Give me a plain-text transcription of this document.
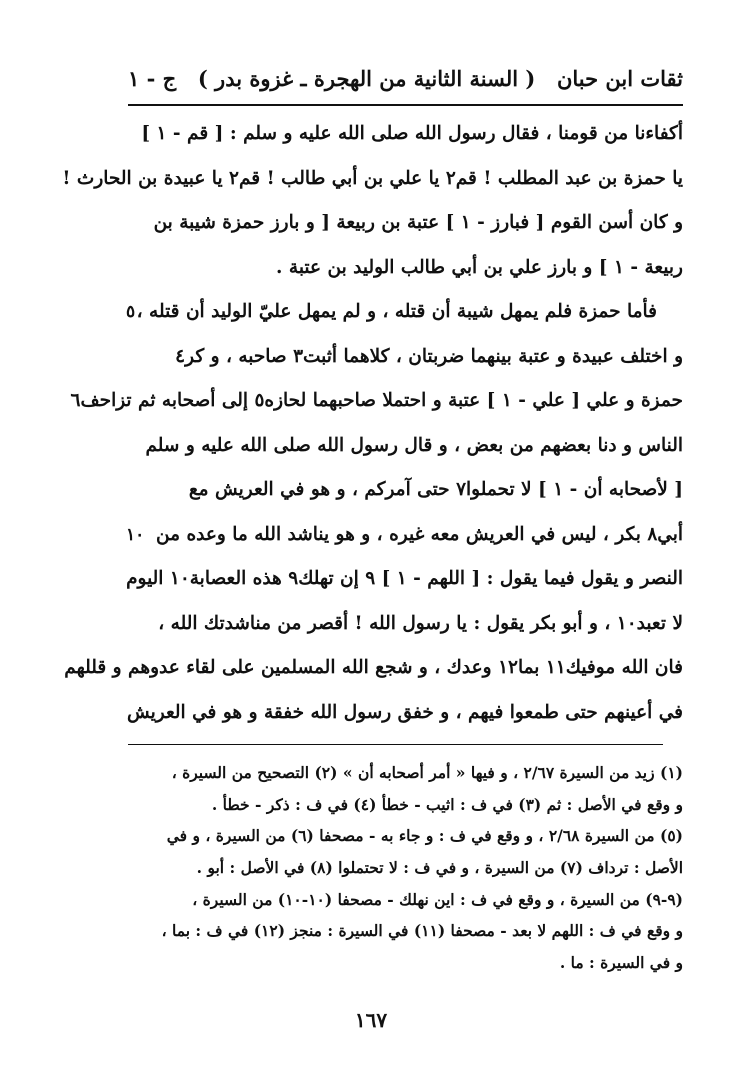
ثقات ابن حبان
( السنة الثانية من الهجرة ـ غزوة بدر )
ج - ١
أكفاءنا من قومنا ، فقال رسول الله صلى الله عليه و سلم : [ قم - ١ ]
يا حمزة بن عبد المطلب ! قم٢ يا علي بن أبي طالب ! قم٢ يا عبيدة بن الحارث !
و كان أسن القوم [ فبارز - ١ ] عتبة بن ربيعة [ و بارز حمزة شيبة بن
ربيعة - ١ ] و بارز علي بن أبي طالب الوليد بن عتبة .
فأما حمزة فلم يمهل شيبة أن قتله ، و لم يمهل عليّ الوليد أن قتله ،
٥
و اختلف عبيدة و عتبة بينهما ضربتان ، كلاهما أثبت٣ صاحبه ، و كر٤
حمزة و علي [ علي - ١ ] عتبة و احتملا صاحبهما لحازه٥ إلى أصحابه ثم تزاحف٦
الناس و دنا بعضهم من بعض ، و قال رسول الله صلى الله عليه و سلم
[ لأصحابه أن - ١ ] لا تحملوا٧ حتى آمركم ، و هو في العريش مع
أبي٨ بكر ، ليس في العريش معه غيره ، و هو يناشد الله ما وعده من
١٠
النصر و يقول فيما يقول : [ اللهم - ١ ] ٩ إن تهلك٩ هذه العصابة١٠ اليوم
لا تعبد١٠ ، و أبو بكر يقول : يا رسول الله ! أقصر من مناشدتك الله ،
فان الله موفيك١١ بما١٢ وعدك ، و شجع الله المسلمين على لقاء عدوهم و قللهم
في أعينهم حتى طمعوا فيهم ، و خفق رسول الله خفقة و هو في العريش
(١) زيد من السيرة ٢/٦٧ ، و فيها « أمر أصحابه أن » (٢) التصحيح من السيرة ،
و وقع في الأصل : ثم (٣) في ف : اثيب - خطأ (٤) في ف : ذكر - خطأ .
(٥) من السيرة ٢/٦٨ ، و وقع في ف : و جاء به - مصحفا (٦) من السيرة ، و في
الأصل : ترداف (٧) من السيرة ، و في ف : لا تحتملوا (٨) في الأصل : أبو .
(٩-٩) من السيرة ، و وقع في ف : اين نهلك - مصحفا (١٠-١٠) من السيرة ،
و وقع في ف : اللهم لا بعد - مصحفا (١١) في السيرة : منجز (١٢) في ف : بما ،
و في السيرة : ما .
١٦٧
